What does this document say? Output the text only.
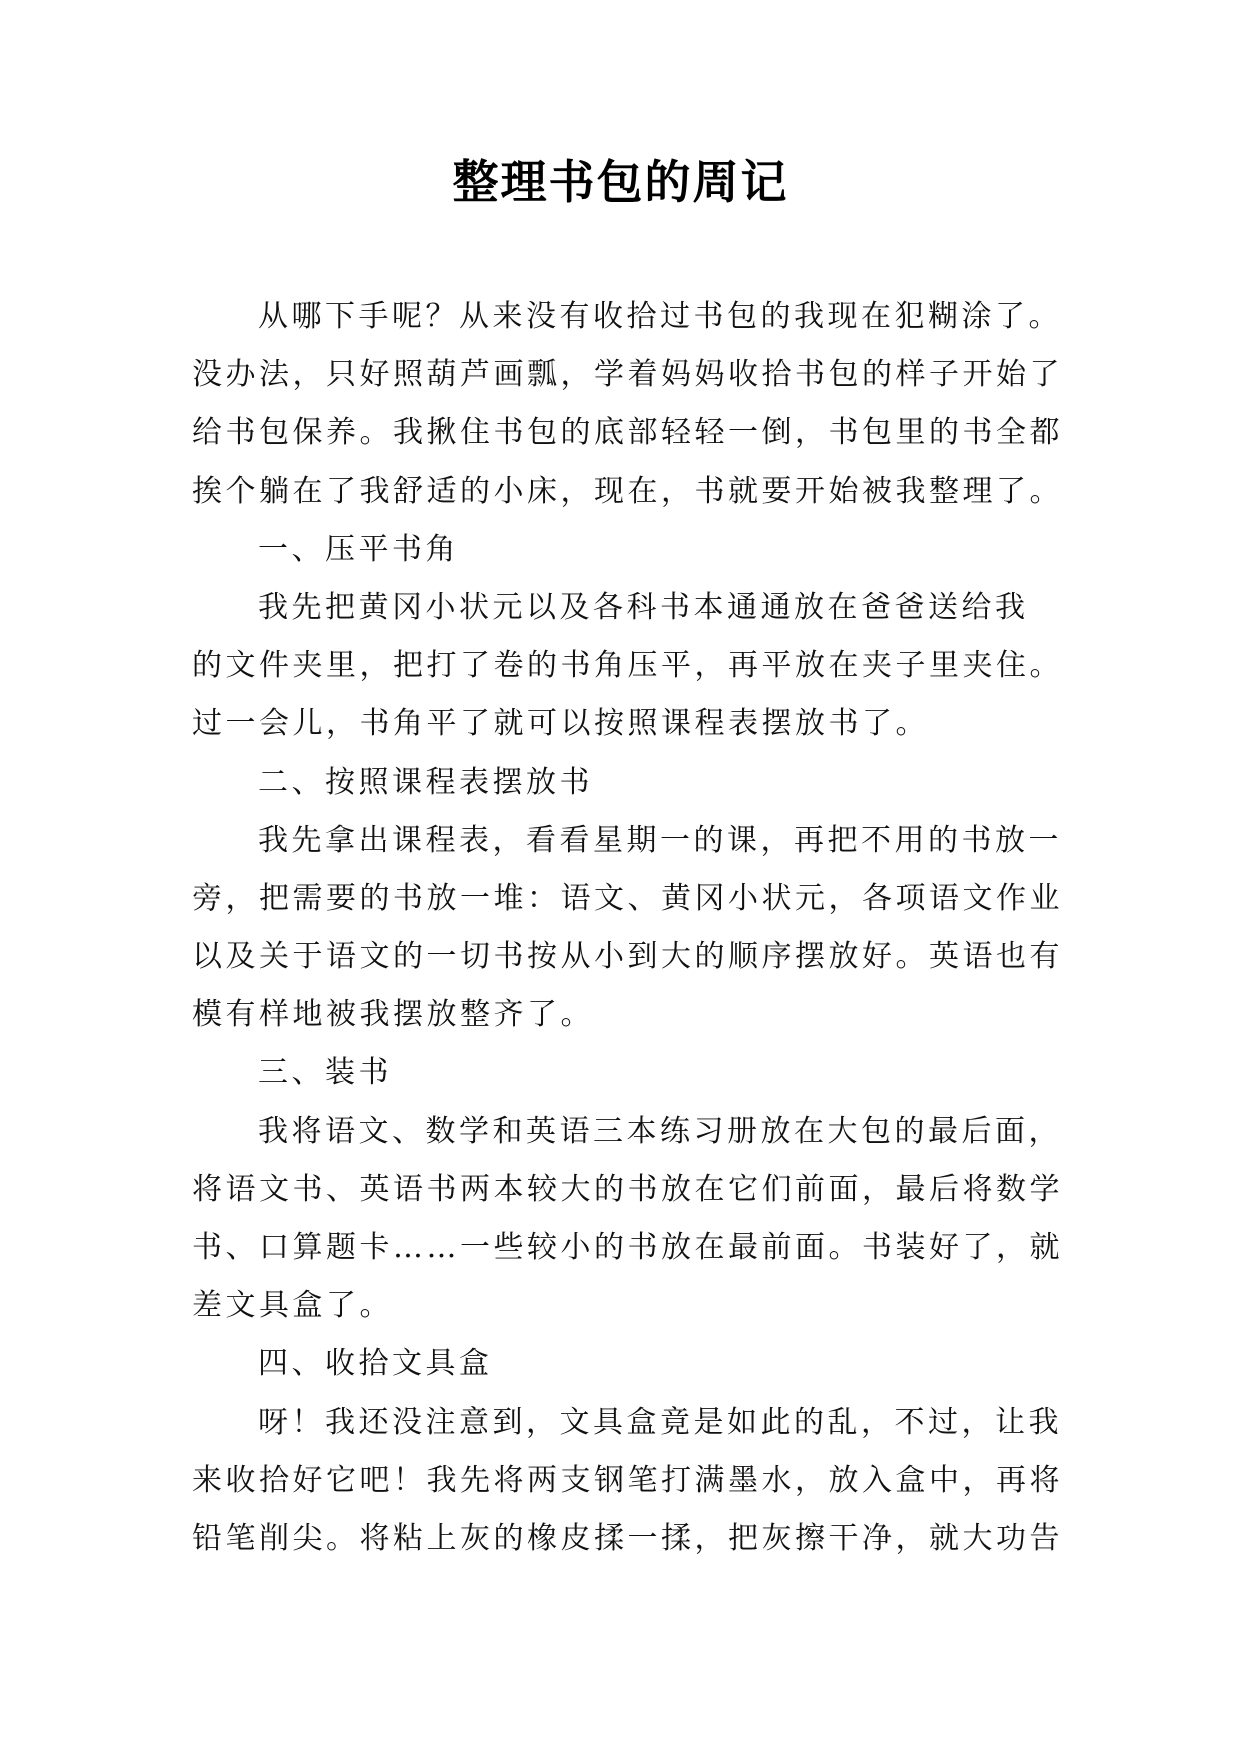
整理书包的周记
从哪下手呢？从来没有收拾过书包的我现在犯糊涂了。
没办法，只好照葫芦画瓢，学着妈妈收拾书包的样子开始了
给书包保养。我揪住书包的底部轻轻一倒，书包里的书全都
挨个躺在了我舒适的小床，现在，书就要开始被我整理了。
一、压平书角
我先把黄冈小状元以及各科书本通通放在爸爸送给我
的文件夹里，把打了卷的书角压平，再平放在夹子里夹住。
过一会儿，书角平了就可以按照课程表摆放书了。
二、按照课程表摆放书
我先拿出课程表，看看星期一的课，再把不用的书放一
旁，把需要的书放一堆：语文、黄冈小状元，各项语文作业
以及关于语文的一切书按从小到大的顺序摆放好。英语也有
模有样地被我摆放整齐了。
三、装书
我将语文、数学和英语三本练习册放在大包的最后面，
将语文书、英语书两本较大的书放在它们前面，最后将数学
书、口算题卡……一些较小的书放在最前面。书装好了，就
差文具盒了。
四、收拾文具盒
呀！我还没注意到，文具盒竟是如此的乱，不过，让我
来收拾好它吧！我先将两支钢笔打满墨水，放入盒中，再将
铅笔削尖。将粘上灰的橡皮揉一揉，把灰擦干净，就大功告
